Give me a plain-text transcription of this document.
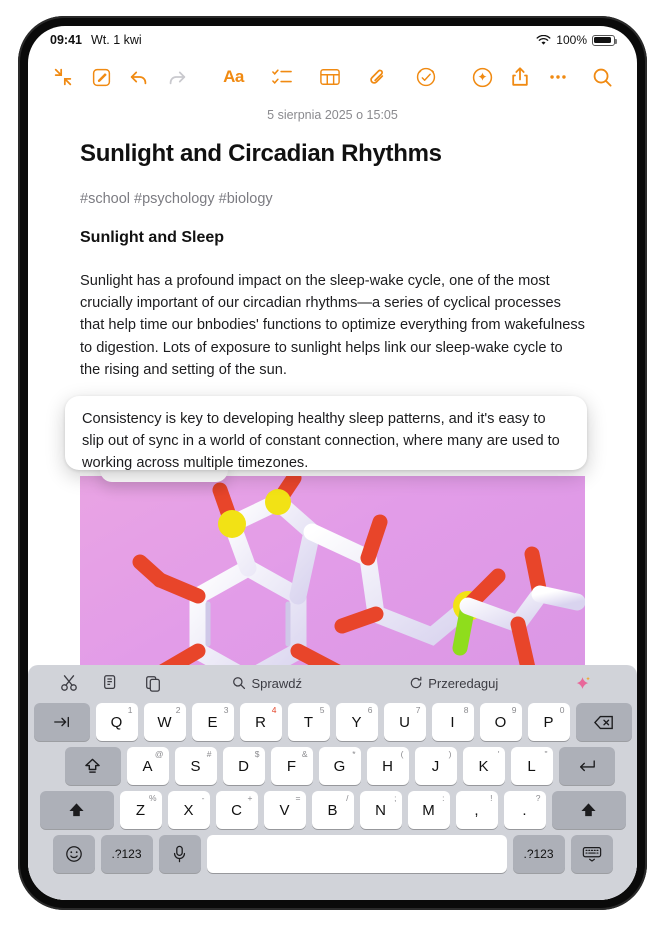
09:41 Wt. 1 kwi	100%
Aa
5 sierpnia 2025 o 15:05
Sunlight and Circadian Rhythms
#school #psychology #biology
Sunlight and Sleep
Sunlight has a profound impact on the sleep-wake cycle, one of the most crucially important of our circadian rhythms—a series of cyclical processes that help time our bnbodies' functions to optimize everything from wakefulness to digestion. Lots of exposure to sunlight helps link our sleep-wake cycle to the rising and setting of the sun.
Consistency is key to developing healthy sleep patterns, and it's easy to slip out of sync in a world of constant connection, where many are used to working across multiple timezones.
Sprawdź	Przeredaguj
1
Q
2
W
3
E
4
R
5
T
6
Y
7
U
8
I
9
O
0
P
@
A
#
S
$
D
&
F
*
G
(
H
)
J
'
K
"
L
%
Z
-
X
+
C
=
V
/
B
;
N
:
M
!
,
?
.
.?123	.?123
